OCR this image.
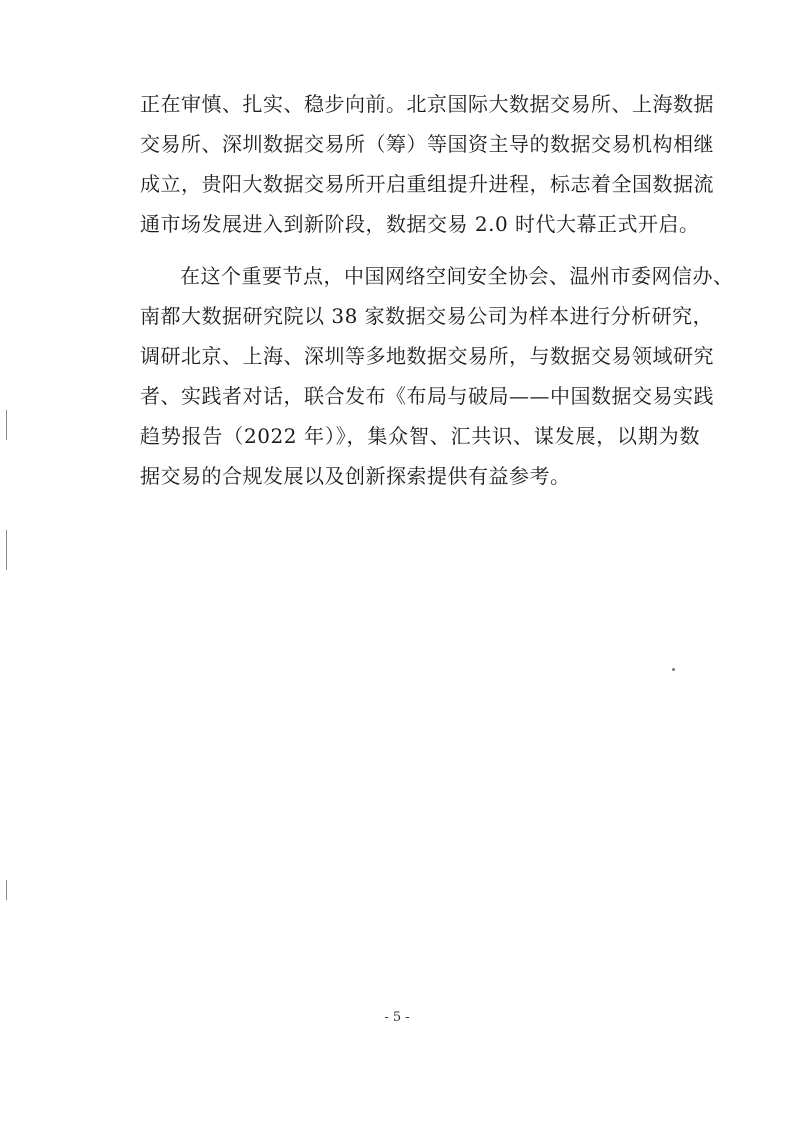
正在审慎、扎实、稳步向前。北京国际大数据交易所、上海数据
交易所、深圳数据交易所（筹）等国资主导的数据交易机构相继
成立，贵阳大数据交易所开启重组提升进程，标志着全国数据流
通市场发展进入到新阶段，数据交易 2.0 时代大幕正式开启。
在这个重要节点，中国网络空间安全协会、温州市委网信办、
南都大数据研究院以 38 家数据交易公司为样本进行分析研究，
调研北京、上海、深圳等多地数据交易所，与数据交易领域研究
者、实践者对话，联合发布《布局与破局——中国数据交易实践
趋势报告（2022 年）》，集众智、汇共识、谋发展，以期为数
据交易的合规发展以及创新探索提供有益参考。
- 5 -
